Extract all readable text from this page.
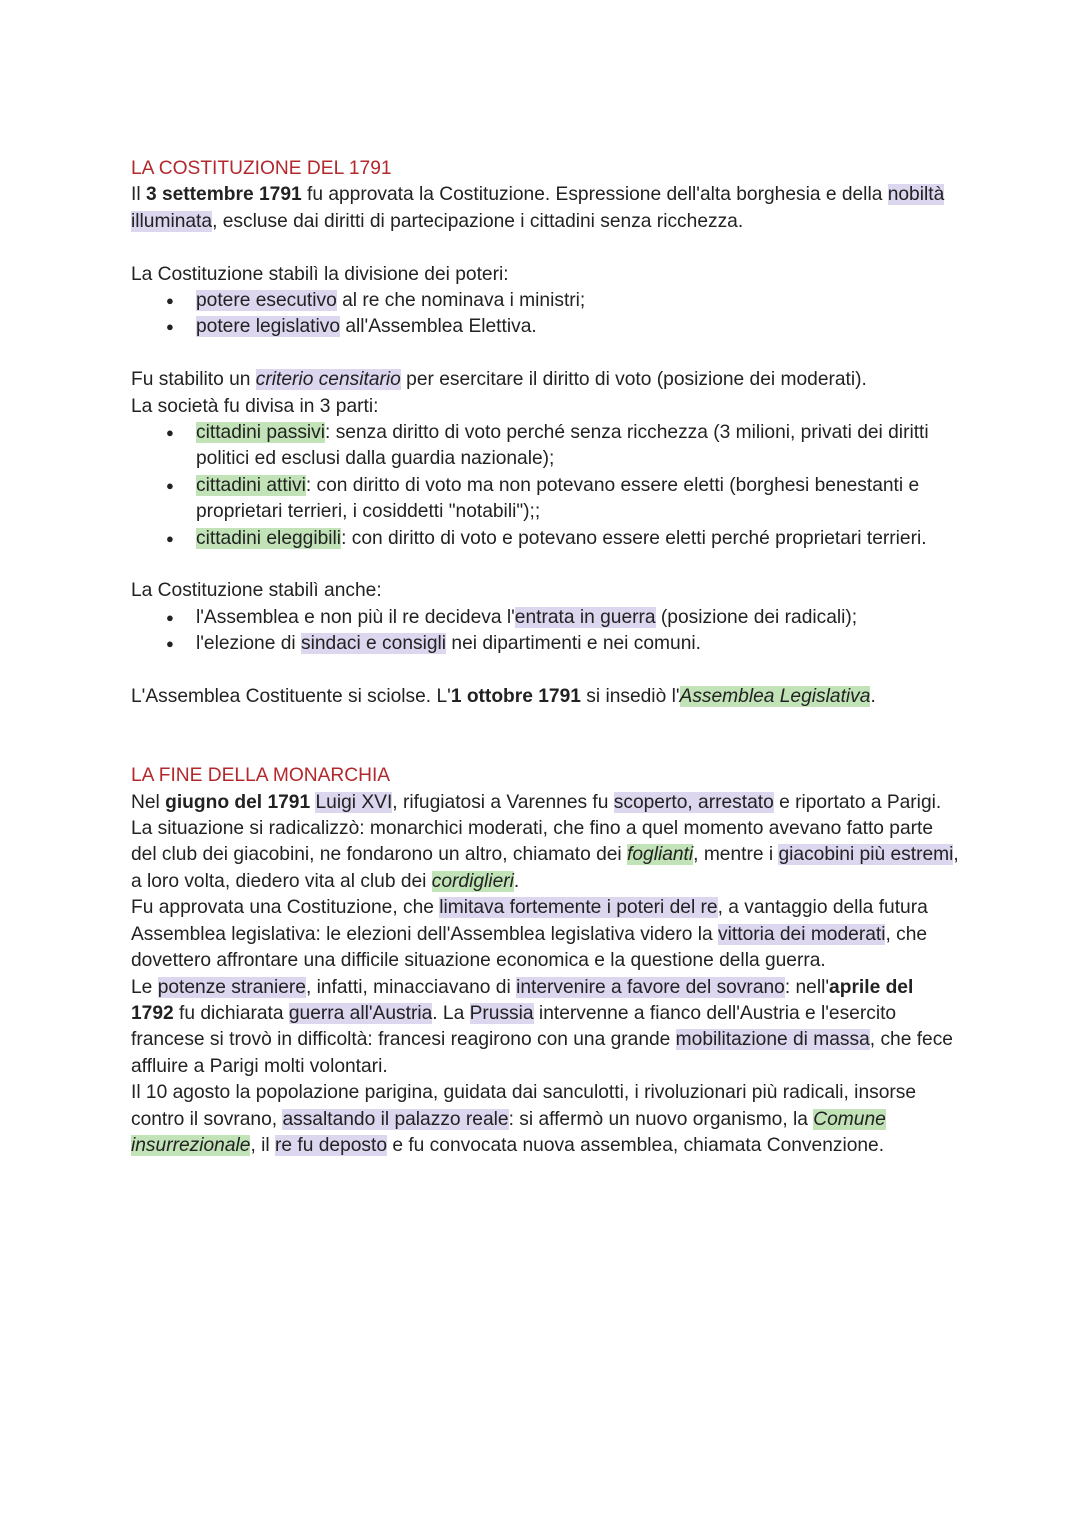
LA COSTITUZIONE DEL 1791

Il 3 settembre 1791 fu approvata la Costituzione. Espressione dell'alta borghesia e della nobiltà illuminata, escluse dai diritti di partecipazione i cittadini senza ricchezza.

La Costituzione stabilì la divisione dei poteri:

● potere esecutivo al re che nominava i ministri;
● potere legislativo all'Assemblea Elettiva.

Fu stabilito un criterio censitario per esercitare il diritto di voto (posizione dei moderati).

La società fu divisa in 3 parti:

● cittadini passivi: senza diritto di voto perché senza ricchezza (3 milioni, privati dei diritti politici ed esclusi dalla guardia nazionale);
● cittadini attivi: con diritto di voto ma non potevano essere eletti (borghesi benestanti e proprietari terrieri, i cosiddetti "notabili");;
● cittadini eleggibili: con diritto di voto e potevano essere eletti perché proprietari terrieri.

La Costituzione stabilì anche:

● l'Assemblea e non più il re decideva l'entrata in guerra (posizione dei radicali);
● l'elezione di sindaci e consigli nei dipartimenti e nei comuni.

L'Assemblea Costituente si sciolse. L'1 ottobre 1791 si insediò l'Assemblea Legislativa.

LA FINE DELLA MONARCHIA

Nel giugno del 1791 Luigi XVI, rifugiatosi a Varennes fu scoperto, arrestato e riportato a Parigi. La situazione si radicalizzò: monarchici moderati, che fino a quel momento avevano fatto parte del club dei giacobini, ne fondarono un altro, chiamato dei foglianti, mentre i giacobini più estremi, a loro volta, diedero vita al club dei cordiglieri.

Fu approvata una Costituzione, che limitava fortemente i poteri del re, a vantaggio della futura Assemblea legislativa: le elezioni dell'Assemblea legislativa videro la vittoria dei moderati, che dovettero affrontare una difficile situazione economica e la questione della guerra.

Le potenze straniere, infatti, minacciavano di intervenire a favore del sovrano: nell'aprile del 1792 fu dichiarata guerra all'Austria. La Prussia intervenne a fianco dell'Austria e l'esercito francese si trovò in difficoltà: francesi reagirono con una grande mobilitazione di massa, che fece affluire a Parigi molti volontari.

Il 10 agosto la popolazione parigina, guidata dai sanculotti, i rivoluzionari più radicali, insorse contro il sovrano, assaltando il palazzo reale: si affermò un nuovo organismo, la Comune insurrezionale, il re fu deposto e fu convocata nuova assemblea, chiamata Convenzione.
